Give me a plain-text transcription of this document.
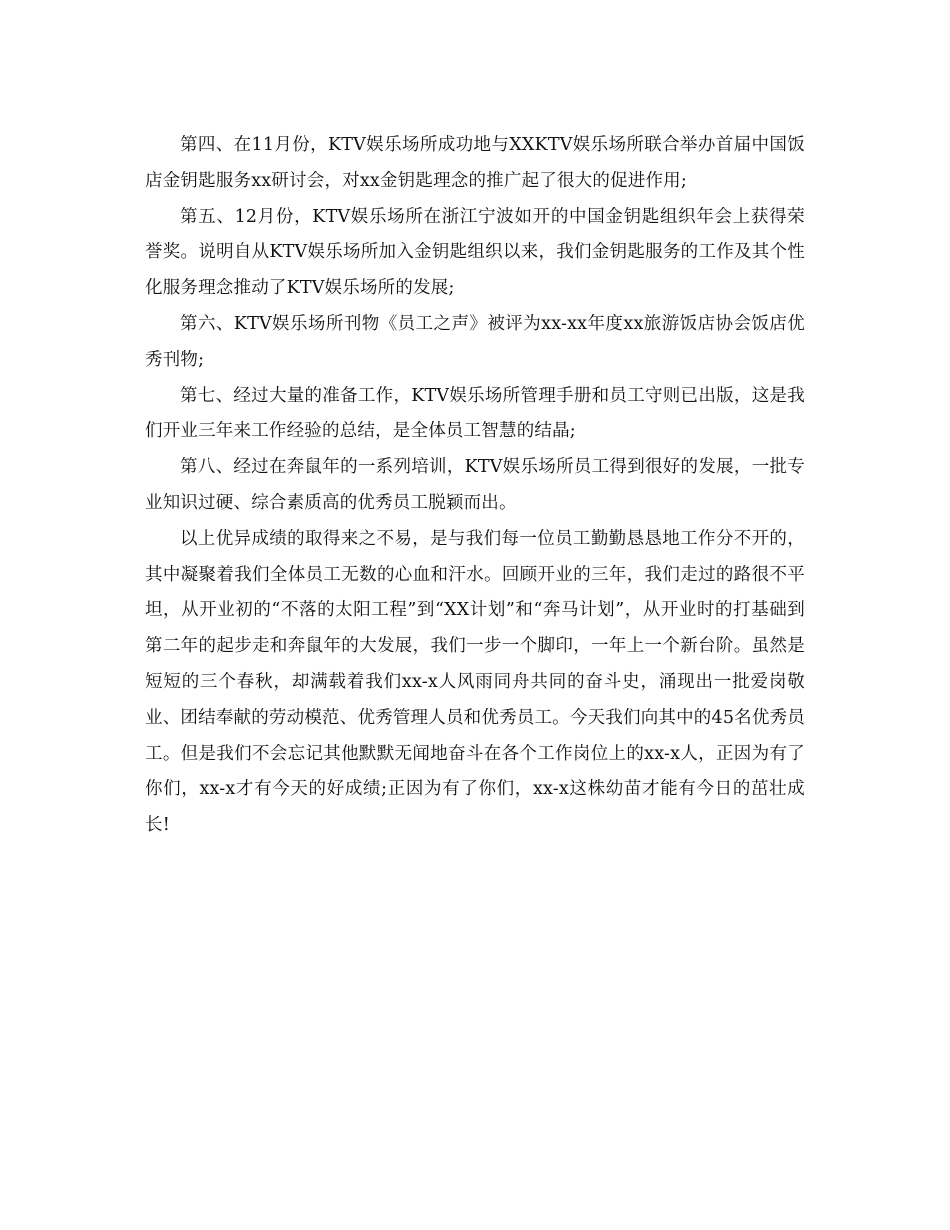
第四、在11月份，KTV娱乐场所成功地与XXKTV娱乐场所联合举办首届中国饭店金钥匙服务xx研讨会，对xx金钥匙理念的推广起了很大的促进作用;

第五、12月份，KTV娱乐场所在浙江宁波如开的中国金钥匙组织年会上获得荣誉奖。说明自从KTV娱乐场所加入金钥匙组织以来，我们金钥匙服务的工作及其个性化服务理念推动了KTV娱乐场所的发展;

第六、KTV娱乐场所刊物《员工之声》被评为xx-xx年度xx旅游饭店协会饭店优秀刊物;

第七、经过大量的准备工作，KTV娱乐场所管理手册和员工守则已出版，这是我们开业三年来工作经验的总结，是全体员工智慧的结晶;

第八、经过在奔鼠年的一系列培训，KTV娱乐场所员工得到很好的发展，一批专业知识过硬、综合素质高的优秀员工脱颖而出。

以上优异成绩的取得来之不易，是与我们每一位员工勤勤恳恳地工作分不开的，其中凝聚着我们全体员工无数的心血和汗水。回顾开业的三年，我们走过的路很不平坦，从开业初的“不落的太阳工程”到“XX计划”和“奔马计划”，从开业时的打基础到第二年的起步走和奔鼠年的大发展，我们一步一个脚印，一年上一个新台阶。虽然是短短的三个春秋，却满载着我们xx-x人风雨同舟共同的奋斗史，涌现出一批爱岗敬业、团结奉献的劳动模范、优秀管理人员和优秀员工。今天我们向其中的45名优秀员工。但是我们不会忘记其他默默无闻地奋斗在各个工作岗位上的xx-x人，正因为有了你们，xx-x才有今天的好成绩;正因为有了你们，xx-x这株幼苗才能有今日的茁壮成长!
